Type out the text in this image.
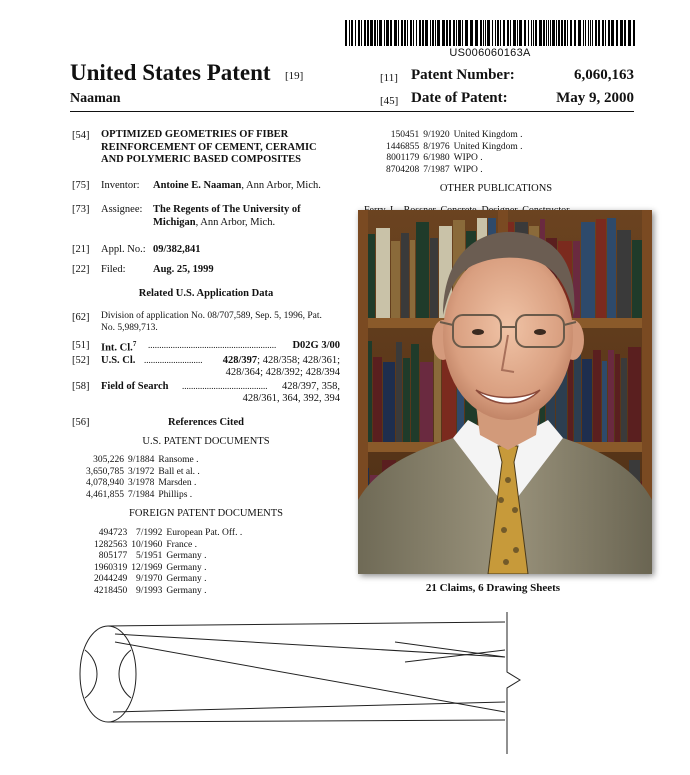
US006060163A
United States Patent [19]
Naaman
[11] Patent Number:	6,060,163
[45] Date of Patent:	May 9, 2000
[54] OPTIMIZED GEOMETRIES OF FIBER
REINFORCEMENT OF CEMENT, CERAMIC
AND POLYMERIC BASED COMPOSITES
[75] Inventor: Antoine E. Naaman, Ann Arbor, Mich.
[73] Assignee: The Regents of The University of
Michigan, Ann Arbor, Mich.
[21] Appl. No.: 09/382,841
[22] Filed:	Aug. 25, 1999
Related U.S. Application Data
[62] Division of application No. 08/707,589, Sep. 5, 1996, Pat.
No. 5,989,713.
[51] Int. Cl.$^7$ .........................................................	D02G 3/00
[52] U.S. Cl. ..........................	428/397; 428/358; 428/361;
428/364; 428/392; 428/394
[58] Field of Search ......................................	428/397, 358,
428/361, 364, 392, 394
[56]	References Cited
U.S. PATENT DOCUMENTS
305,226	9/1884	Ransome .
3,650,785	3/1972	Ball et al. .
4,078,940	3/1978	Marsden .
4,461,855	7/1984	Phillips .
FOREIGN PATENT DOCUMENTS
494723	7/1992	European Pat. Off. .
1282563	10/1960	France .
805177	5/1951	Germany .
1960319	12/1969	Germany .
2044249	9/1970	Germany .
4218450	9/1993	Germany .
150451	9/1920	United Kingdom .
1446855	8/1976	United Kingdom .
8001179	6/1980	WIPO .
8704208	7/1987	WIPO .
OTHER PUBLICATIONS
21 Claims, 6 Drawing Sheets
